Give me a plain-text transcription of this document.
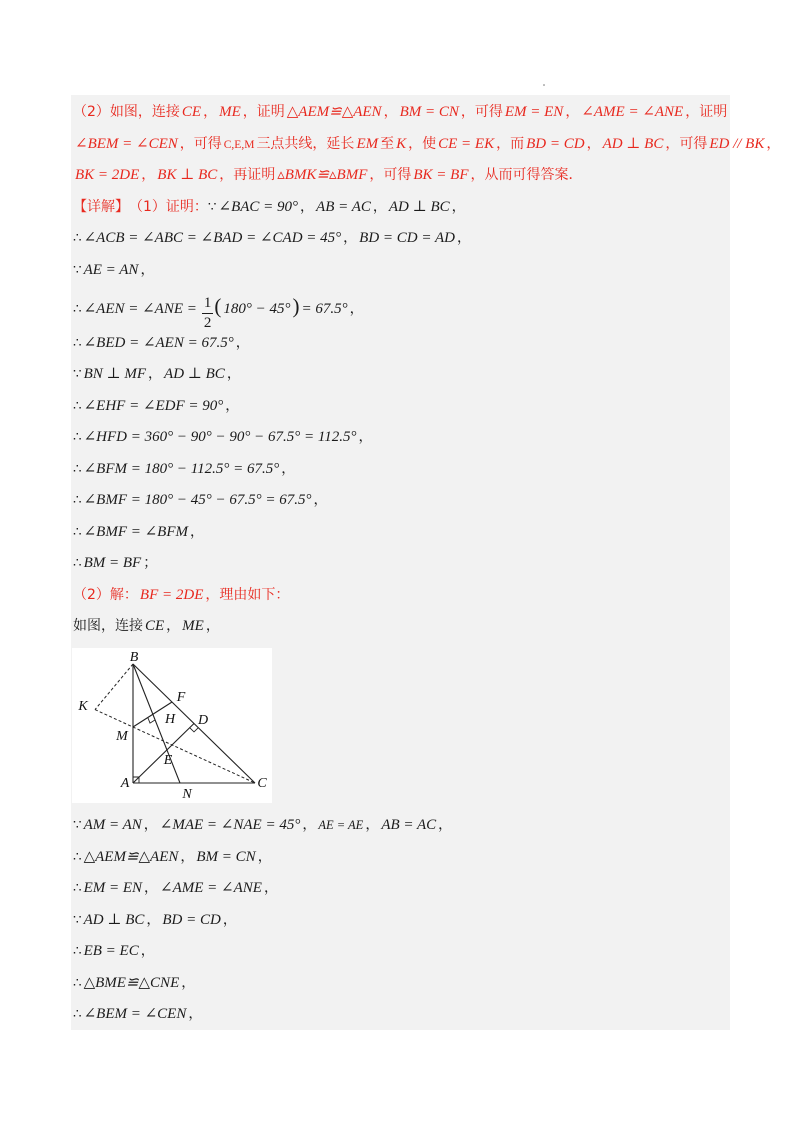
（2）如图，连接 CE ， ME ，证明 △AEM≌△AEN ， BM = CN ，可得 EM = EN ， ∠AME = ∠ANE ，证明
∠BEM = ∠CEN ，可得 C,E,M 三点共线，延长 EM 至 K ，使 CE = EK ，而 BD = CD ， AD ⊥ BC ，可得 ED // BK ，
BK = 2DE ， BK ⊥ BC ，再证明 ▵BMK≌▵BMF ，可得 BK = BF ，从而可得答案．
【详解】 （1）证明： ∵ ∠BAC = 90° ， AB = AC ， AD ⊥ BC ，
∴ ∠ACB = ∠ABC = ∠BAD = ∠CAD = 45° ， BD = CD = AD ，
∵ AE = AN ，
∴ ∠AEN = ∠ANE = $\frac{1}{2}$ ( 180° − 45° ) = 67.5° ，
∴ ∠BED = ∠AEN = 67.5° ，
∵ BN ⊥ MF ， AD ⊥ BC ，
∴ ∠EHF = ∠EDF = 90° ，
∴ ∠HFD = 360° − 90° − 90° − 67.5° = 112.5° ，
∴ ∠BFM = 180° − 112.5° = 67.5° ，
∴ ∠BMF = 180° − 45° − 67.5° = 67.5° ，
∴ ∠BMF = ∠BFM ，
∴ BM = BF ；
（2）解： BF = 2DE ，理由如下：
如图，连接 CE ， ME ，
B
K
F
H D
M
E
A
N
C
∵ AM = AN ， ∠MAE = ∠NAE = 45° ， AE = AE ， AB = AC ，
∴ △AEM≌△AEN ， BM = CN ，
∴ EM = EN ， ∠AME = ∠ANE ，
∵ AD ⊥ BC ， BD = CD ，
∴ EB = EC ，
∴ △BME≌△CNE ，
∴ ∠BEM = ∠CEN ，
